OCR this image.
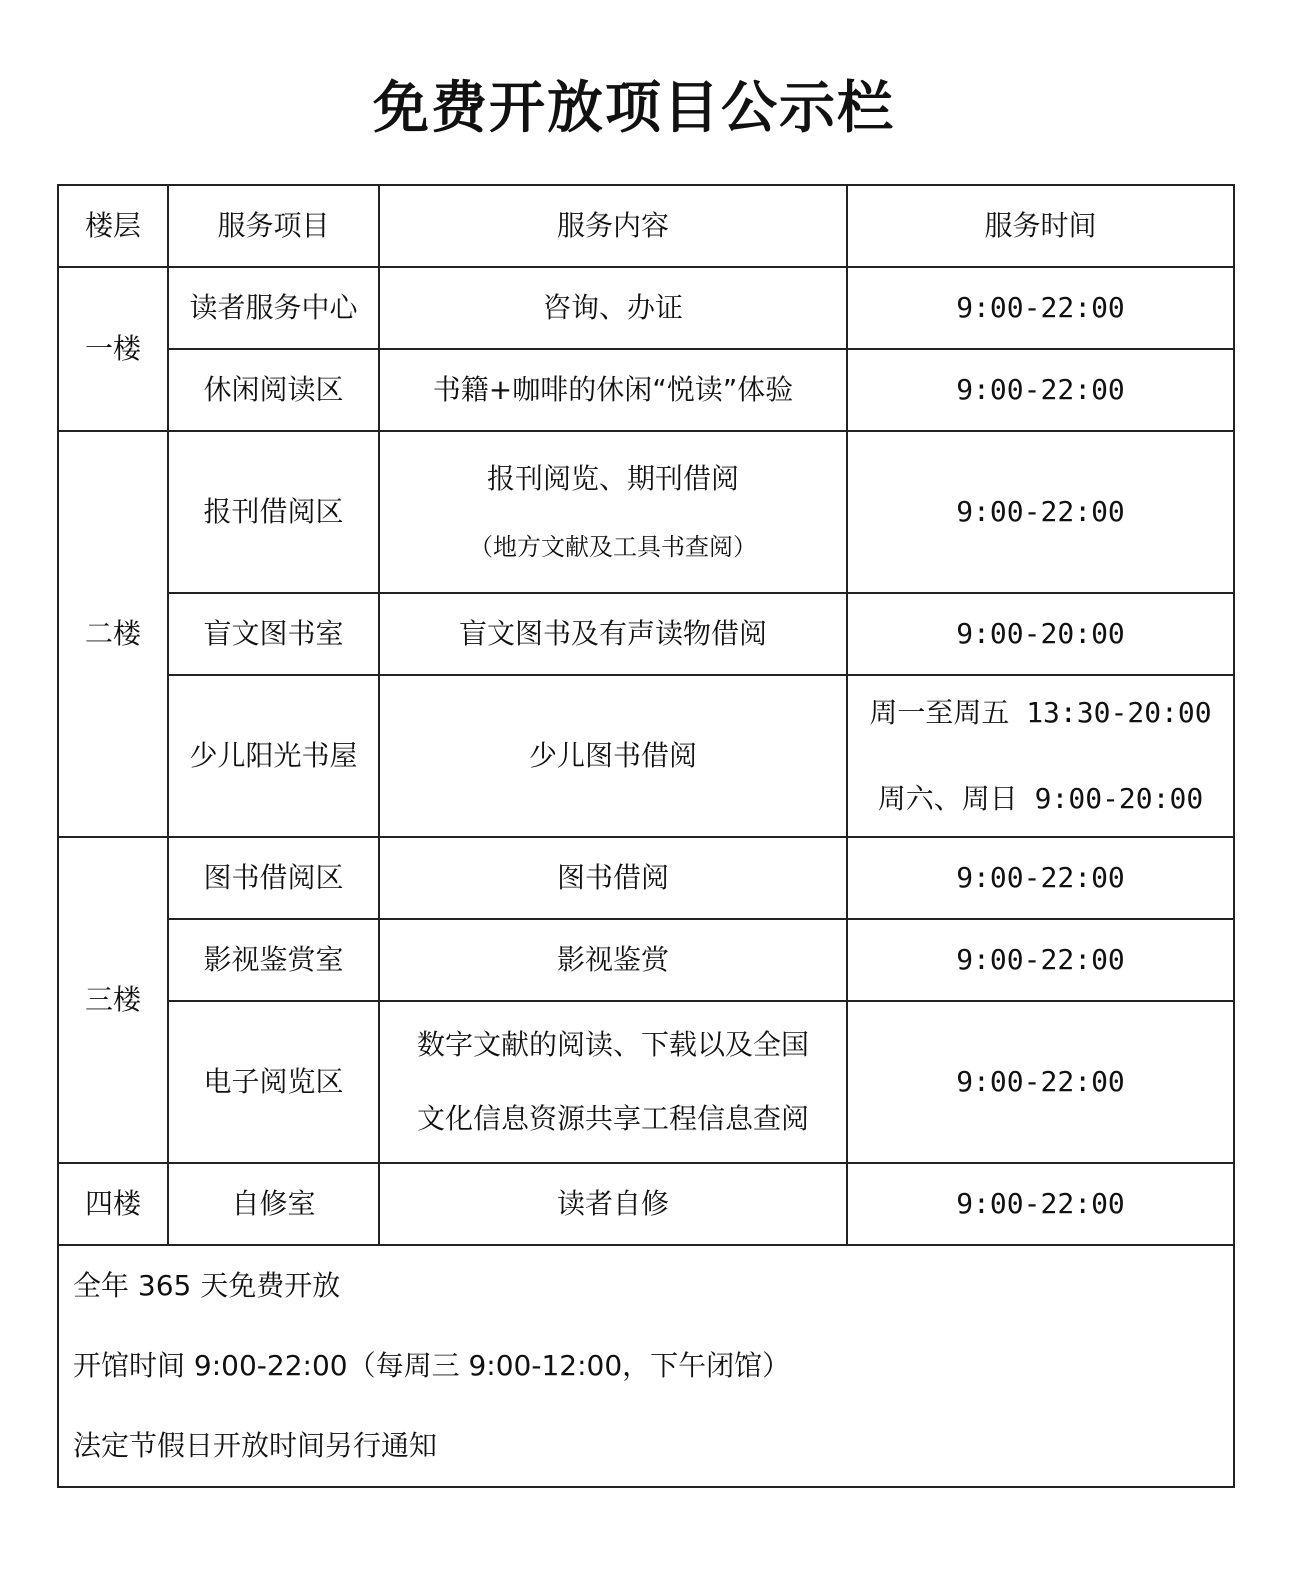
免费开放项目公示栏
楼层	服务项目	服务内容	服务时间
一楼	读者服务中心	咨询、办证	9:00-22:00
	休闲阅读区	书籍+咖啡的休闲“悦读”体验	9:00-22:00
二楼	报刊借阅区	报刊阅览、期刊借阅
（地方文献及工具书查阅）	9:00-22:00
	盲文图书室	盲文图书及有声读物借阅	9:00-20:00
	少儿阳光书屋	少儿图书借阅	周一至周五 13:30-20:00
周六、周日 9:00-20:00

三楼	图书借阅区	图书借阅	9:00-22:00
	影视鉴赏室	影视鉴赏	9:00-22:00
	电子阅览区	数字文献的阅读、下载以及全国
文化信息资源共享工程信息查阅	9:00-22:00
四楼	自修室	读者自修	9:00-22:00

全年 365 天免费开放
开馆时间 9:00-22:00（每周三 9:00-12:00，下午闭馆）
法定节假日开放时间另行通知			
